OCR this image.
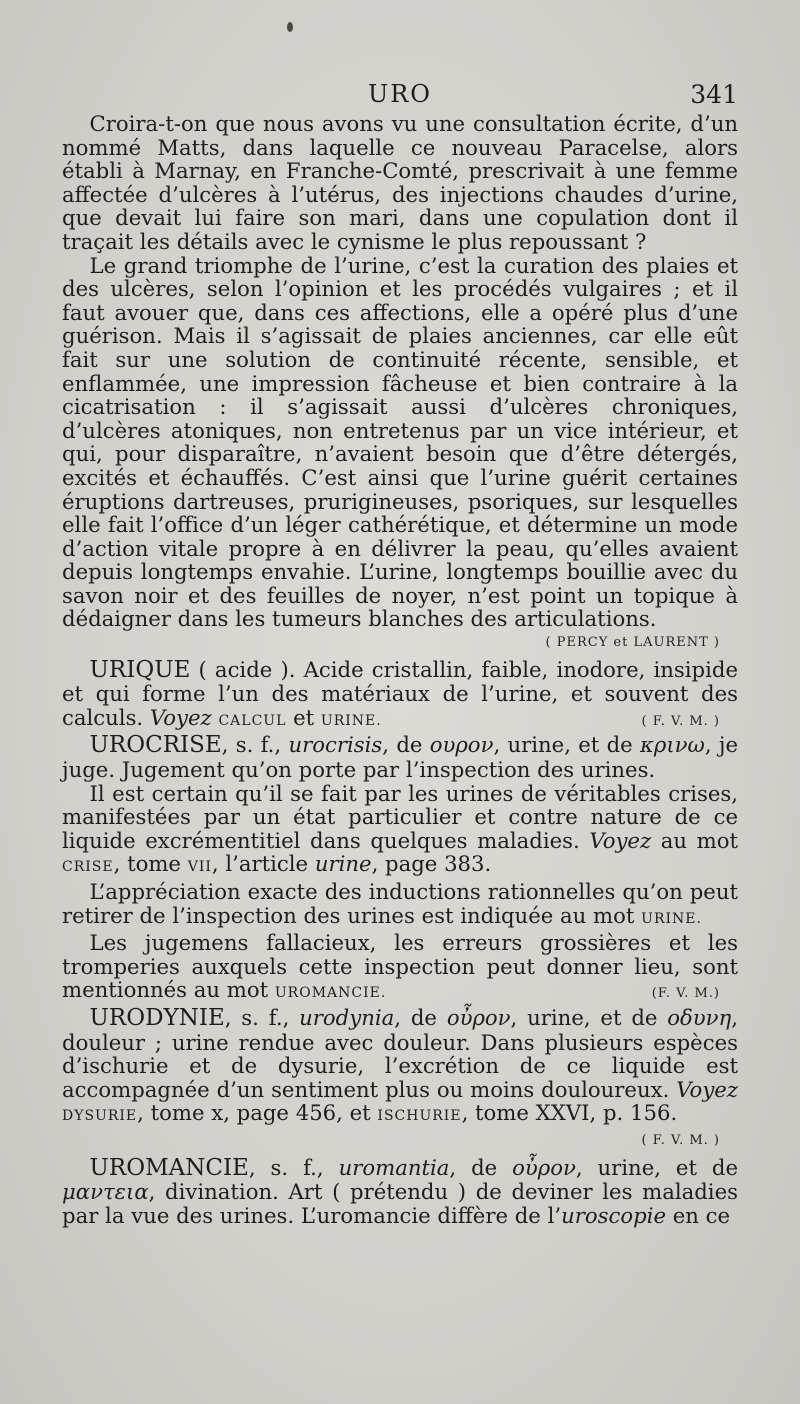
URO	341

Croira-t-on que nous avons vu une consultation écrite, d’un nommé Matts, dans laquelle ce nouveau Paracelse, alors établi à Marnay, en Franche-Comté, prescrivait à une femme affectée d’ulcères à l’utérus, des injections chaudes d’urine, que devait lui faire son mari, dans une copulation dont il traçait les détails avec le cynisme le plus repoussant ?

Le grand triomphe de l’urine, c’est la curation des plaies et des ulcères, selon l’opinion et les procédés vulgaires ; et il faut avouer que, dans ces affections, elle a opéré plus d’une guérison. Mais il s’agissait de plaies anciennes, car elle eût fait sur une solution de continuité récente, sensible, et enflammée, une impression fâcheuse et bien contraire à la cicatrisation : il s’agissait aussi d’ulcères chroniques, d’ulcères atoniques, non entretenus par un vice intérieur, et qui, pour disparaître, n’avaient besoin que d’être détergés, excités et échauffés. C’est ainsi que l’urine guérit certaines éruptions dartreuses, prurigineuses, psoriques, sur lesquelles elle fait l’office d’un léger cathérétique, et détermine un mode d’action vitale propre à en délivrer la peau, qu’elles avaient depuis longtemps envahie. L’urine, longtemps bouillie avec du savon noir et des feuilles de noyer, n’est point un topique à dédaigner dans les tumeurs blanches des articulations.

( PERCY et LAURENT )

URIQUE ( acide ). Acide cristallin, faible, inodore, insipide et qui forme l’un des matériaux de l’urine, et souvent des calculs. Voyez CALCUL et URINE.	( F. V. M. )

UROCRISE, s. f., urocrisis, de ουρον, urine, et de κρινω, je juge. Jugement qu’on porte par l’inspection des urines.

Il est certain qu’il se fait par les urines de véritables crises, manifestées par un état particulier et contre nature de ce liquide excrémentitiel dans quelques maladies. Voyez au mot CRISE, tome VII, l’article urine, page 383.

L’appréciation exacte des inductions rationnelles qu’on peut retirer de l’inspection des urines est indiquée au mot URINE.

Les jugemens fallacieux, les erreurs grossières et les tromperies auxquels cette inspection peut donner lieu, sont mentionnés au mot UROMANCIE.	(F. V. M.)

URODYNIE, s. f., urodynia, de οὖρον, urine, et de οδυνη, douleur ; urine rendue avec douleur. Dans plusieurs espèces d’ischurie et de dysurie, l’excrétion de ce liquide est accompagnée d’un sentiment plus ou moins douloureux. Voyez DYSURIE, tome x, page 456, et ISCHURIE, tome XXVI, p. 156.

( F. V. M. )

UROMANCIE, s. f., uromantia, de οὖρον, urine, et de μαντεια, divination. Art ( prétendu ) de deviner les maladies par la vue des urines. L’uromancie diffère de l’uroscopie en ce
